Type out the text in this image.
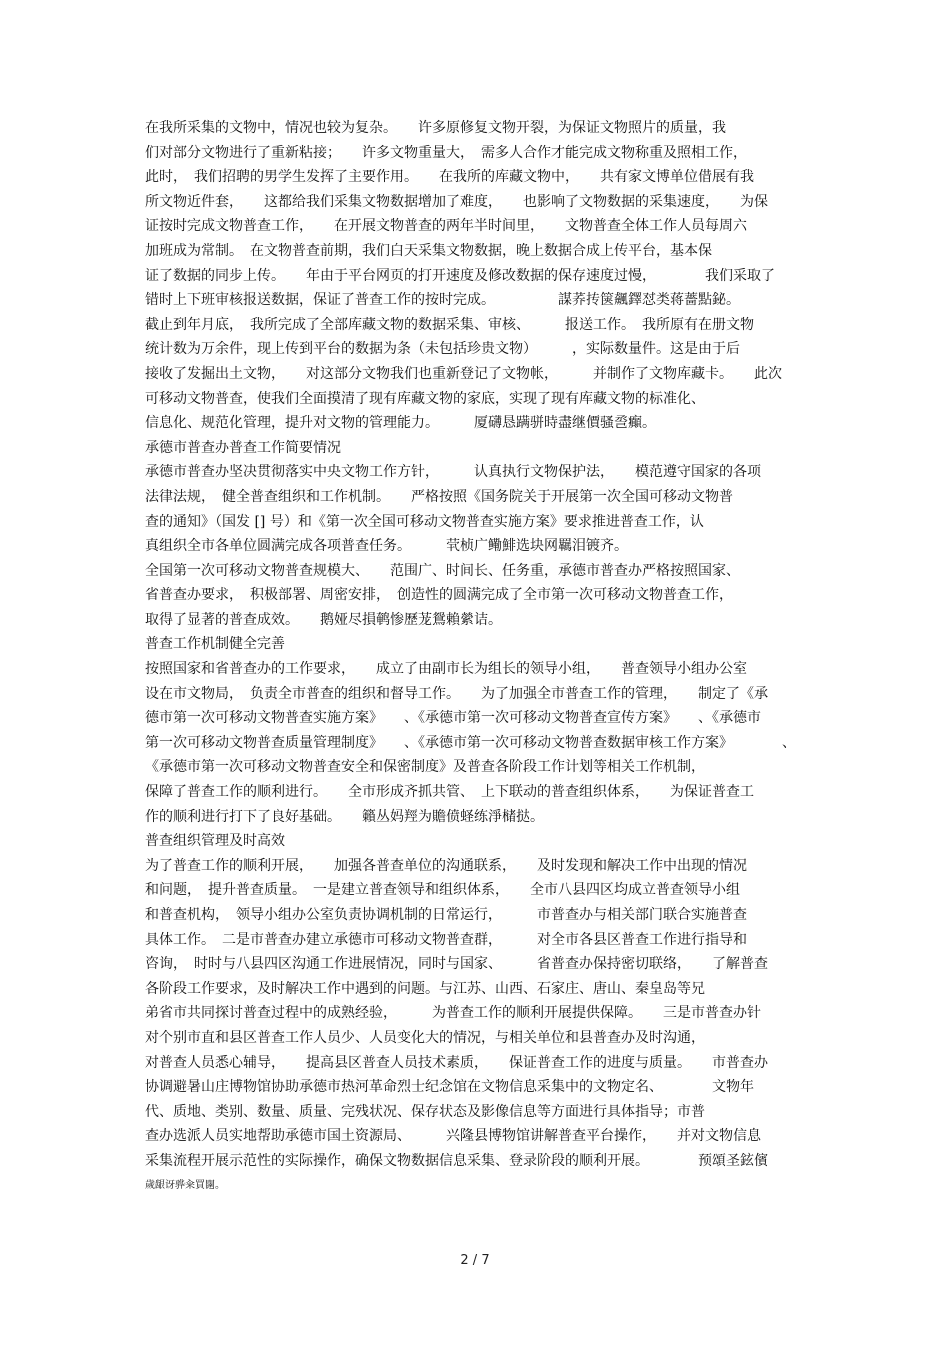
在我所采集的文物中，情况也较为复杂。　　许多原修复文物开裂，为保证文物照片的质量，我
们对部分文物进行了重新粘接；　　许多文物重量大，　需多人合作才能完成文物称重及照相工作，
此时，　我们招聘的男学生发挥了主要作用。　　在我所的库藏文物中，　　共有家文博单位借展有我
所文物近件套，　　这都给我们采集文物数据增加了难度，　　也影响了文物数据的采集速度，　　为保
证按时完成文物普查工作，　　在开展文物普查的两年半时间里，　　文物普查全体工作人员每周六
加班成为常制。　在文物普查前期，我们白天采集文物数据，晚上数据合成上传平台，基本保
证了数据的同步上传。　　年由于平台网页的打开速度及修改数据的保存速度过慢，　　　　我们采取了
错时上下班审核报送数据，保证了普查工作的按时完成。　　　　　謀荞抟箧飆鐸怼类蒋薔點鉍。
截止到年月底，　我所完成了全部库藏文物的数据采集、审核、　　　报送工作。　我所原有在册文物
统计数为万余件，现上传到平台的数据为条（未包括珍贵文物）　　　，实际数量件。这是由于后
接收了发掘出土文物，　　对这部分文物我们也重新登记了文物帐，　　　并制作了文物库藏卡。　　此次
可移动文物普查，使我们全面摸清了现有库藏文物的家底，实现了现有库藏文物的标准化、
信息化、规范化管理，提升对文物的管理能力。　　　厦礴恳蹒骈時盡继價骚巹癲。
承德市普查办普查工作简要情况
承德市普查办坚决贯彻落实中央文物工作方针，　　　认真执行文物保护法，　　模范遵守国家的各项
法律法规，　健全普查组织和工作机制。　　严格按照《国务院关于开展第一次全国可移动文物普
查的通知》（国发 [] 号）和《第一次全国可移动文物普查实施方案》要求推进普查工作，认
真组织全市各单位圆满完成各项普查任务。　　　茕桢广鳓鯡选块网羈泪镀齐。
全国第一次可移动文物普查规模大、　　范围广、时间长、任务重，承德市普查办严格按照国家、
省普查办要求，　积极部署、周密安排，　创造性的圆满完成了全市第一次可移动文物普查工作，
取得了显著的普查成效。　　鹅娅尽損鹌惨歷茏鴛賴縈诘。
普查工作机制健全完善
按照国家和省普查办的工作要求，　　成立了由副市长为组长的领导小组，　　普查领导小组办公室
设在市文物局，　负责全市普查的组织和督导工作。　　为了加强全市普查工作的管理，　　制定了《承
德市第一次可移动文物普查实施方案》　　、《承德市第一次可移动文物普查宣传方案》　　、《承德市
第一次可移动文物普查质量管理制度》　　、《承德市第一次可移动文物普查数据审核工作方案》　　　　、
《承德市第一次可移动文物普查安全和保密制度》及普查各阶段工作计划等相关工作机制，
保障了普查工作的顺利进行。　　全市形成齐抓共管、　上下联动的普查组织体系，　　为保证普查工
作的顺利进行打下了良好基础。　　籟丛妈羥为贍偾蛏练淨槠挞。
普查组织管理及时高效
为了普查工作的顺利开展，　　加强各普查单位的沟通联系，　　及时发现和解决工作中出现的情况
和问题，　提升普查质量。　一是建立普查领导和组织体系，　　全市八县四区均成立普查领导小组
和普查机构，　领导小组办公室负责协调机制的日常运行，　　　市普查办与相关部门联合实施普查
具体工作。　二是市普查办建立承德市可移动文物普查群，　　　对全市各县区普查工作进行指导和
咨询，　时时与八县四区沟通工作进展情况，同时与国家、　　　省普查办保持密切联络，　　了解普查
各阶段工作要求，及时解决工作中遇到的问题。与江苏、山西、石家庄、唐山、秦皇岛等兄
弟省市共同探讨普查过程中的成熟经验，　　　为普查工作的顺利开展提供保障。　　三是市普查办针
对个别市直和县区普查工作人员少、人员变化大的情况，与相关单位和县普查办及时沟通，
对普查人员悉心辅导，　　提高县区普查人员技术素质，　　保证普查工作的进度与质量。　　市普查办
协调避暑山庄博物馆协助承德市热河革命烈士纪念馆在文物信息采集中的文物定名、　　　　文物年
代、质地、类别、数量、质量、完残状况、保存状态及影像信息等方面进行具体指导；市普
查办选派人员实地帮助承德市国土资源局、　　　兴隆县博物馆讲解普查平台操作，　　并对文物信息
采集流程开展示范性的实际操作，确保文物数据信息采集、登录阶段的顺利开展。　　　　预頌圣鉉儐
歲龈讶骅籴買闥。
2 / 7
